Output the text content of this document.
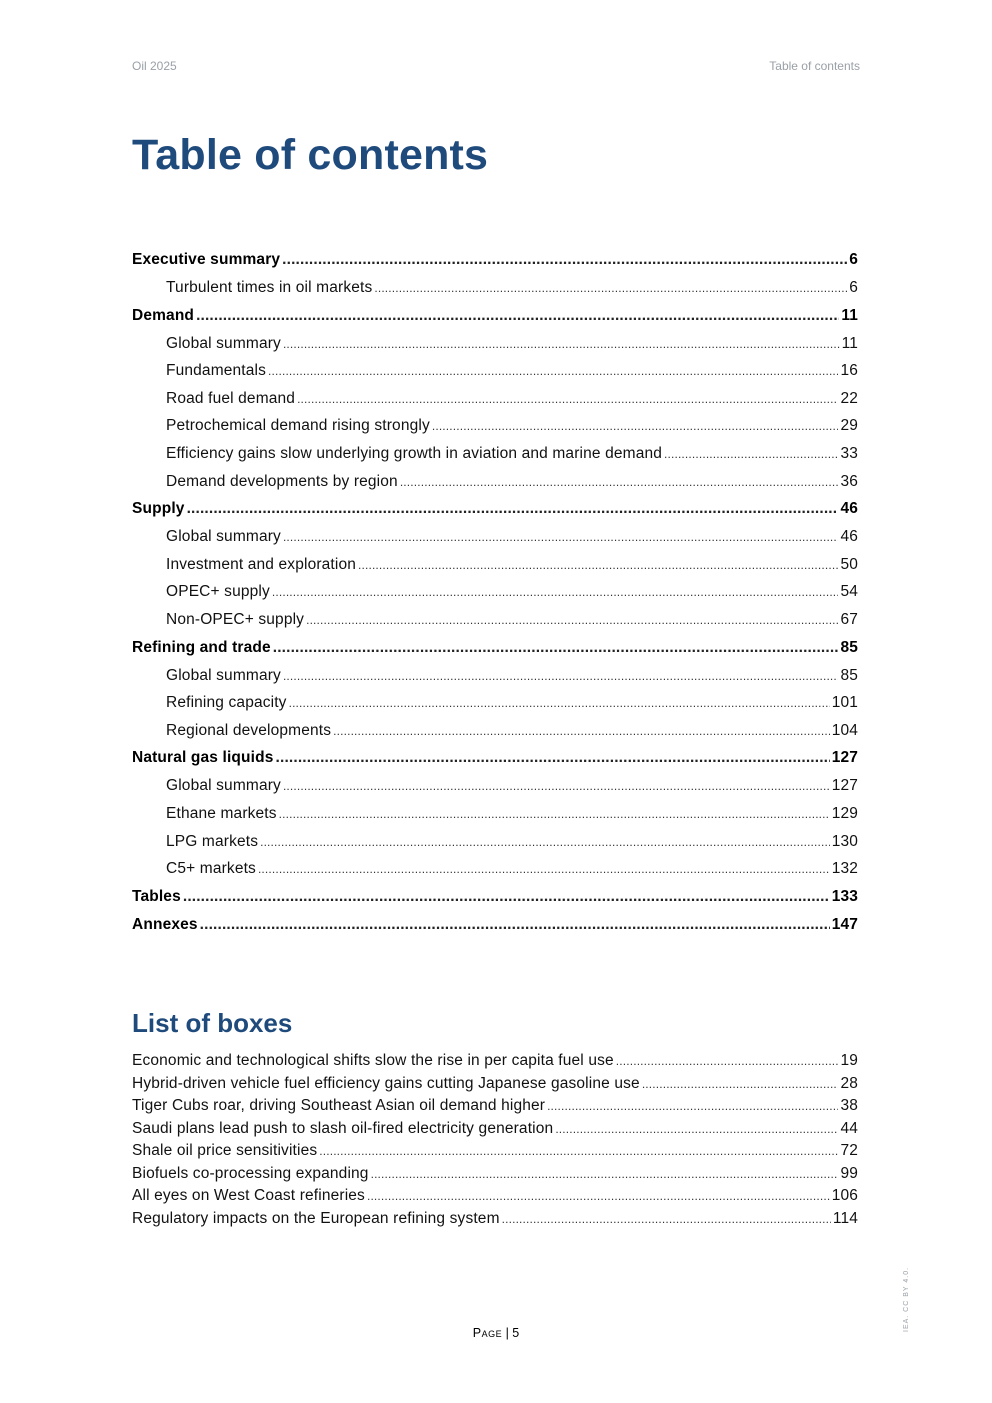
Oil 2025	Table of contents
Table of contents
Executive summary .....	6
Turbulent times in oil markets .....	6
Demand .....	11
Global summary .....	11
Fundamentals .....	16
Road fuel demand .....	22
Petrochemical demand rising strongly .....	29
Efficiency gains slow underlying growth in aviation and marine demand .....	33
Demand developments by region .....	36
Supply .....	46
Global summary .....	46
Investment and exploration .....	50
OPEC+ supply .....	54
Non-OPEC+ supply .....	67
Refining and trade .....	85
Global summary .....	85
Refining capacity .....	101
Regional developments .....	104
Natural gas liquids .....	127
Global summary .....	127
Ethane markets .....	129
LPG markets .....	130
C5+ markets .....	132
Tables .....	133
Annexes .....	147
List of boxes
Economic and technological shifts slow the rise in per capita fuel use .....	19
Hybrid-driven vehicle fuel efficiency gains cutting Japanese gasoline use .....	28
Tiger Cubs roar, driving Southeast Asian oil demand higher .....	38
Saudi plans lead push to slash oil-fired electricity generation .....	44
Shale oil price sensitivities .....	72
Biofuels co-processing expanding .....	99
All eyes on West Coast refineries .....	106
Regulatory impacts on the European refining system .....	114
Page | 5
IEA. CC BY 4.0.
